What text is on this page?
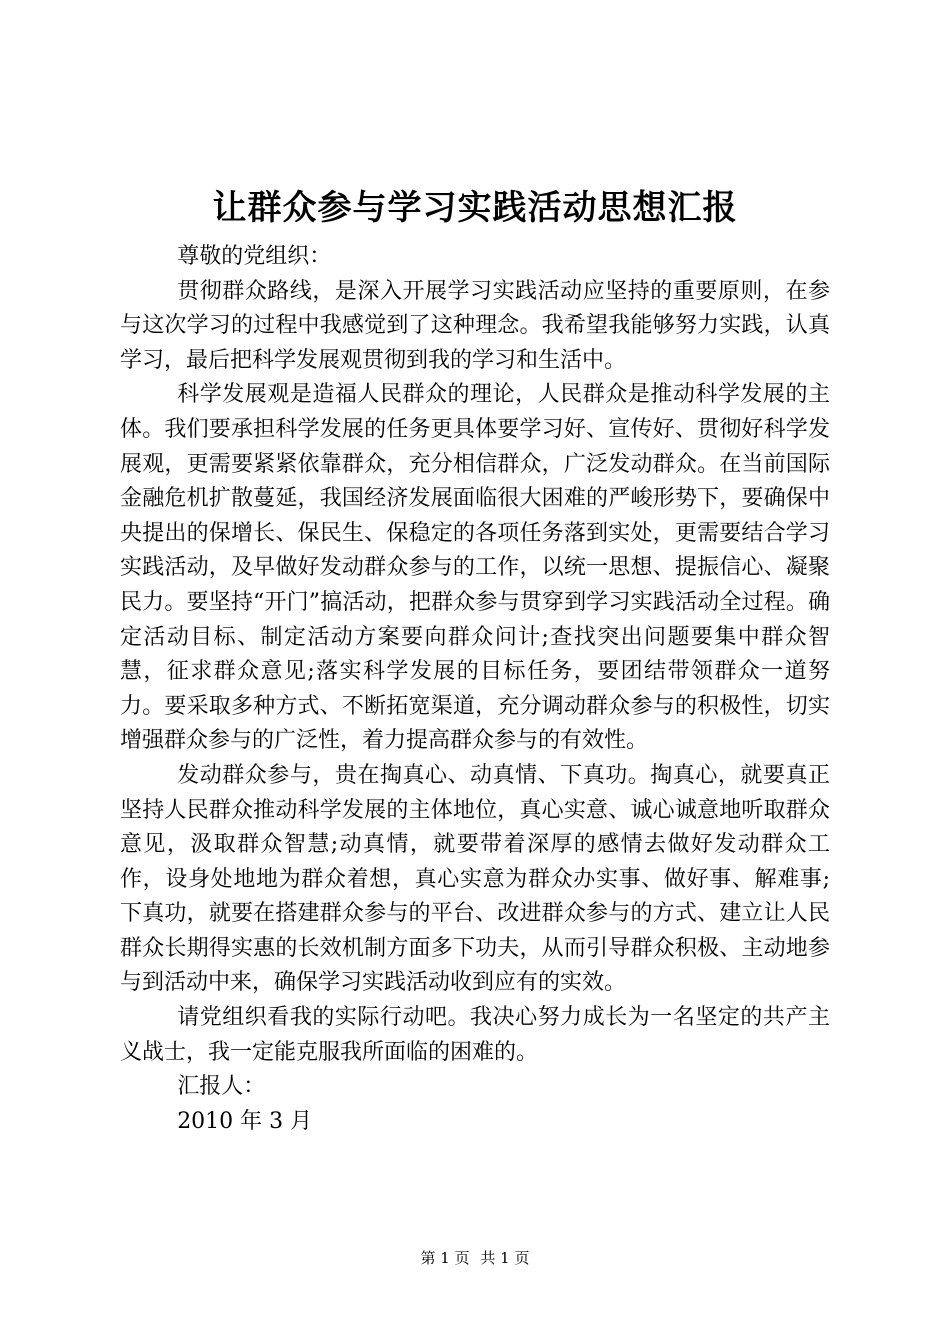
让群众参与学习实践活动思想汇报

尊敬的党组织：

贯彻群众路线，是深入开展学习实践活动应坚持的重要原则，在参与这次学习的过程中我感觉到了这种理念。我希望我能够努力实践，认真学习，最后把科学发展观贯彻到我的学习和生活中。

科学发展观是造福人民群众的理论，人民群众是推动科学发展的主体。我们要承担科学发展的任务更具体要学习好、宣传好、贯彻好科学发展观，更需要紧紧依靠群众，充分相信群众，广泛发动群众。在当前国际金融危机扩散蔓延，我国经济发展面临很大困难的严峻形势下，要确保中央提出的保增长、保民生、保稳定的各项任务落到实处，更需要结合学习实践活动，及早做好发动群众参与的工作，以统一思想、提振信心、凝聚民力。要坚持“开门”搞活动，把群众参与贯穿到学习实践活动全过程。确定活动目标、制定活动方案要向群众问计;查找突出问题要集中群众智慧，征求群众意见;落实科学发展的目标任务，要团结带领群众一道努力。要采取多种方式、不断拓宽渠道，充分调动群众参与的积极性，切实增强群众参与的广泛性，着力提高群众参与的有效性。

发动群众参与，贵在掏真心、动真情、下真功。掏真心，就要真正坚持人民群众推动科学发展的主体地位，真心实意、诚心诚意地听取群众意见，汲取群众智慧;动真情，就要带着深厚的感情去做好发动群众工作，设身处地地为群众着想，真心实意为群众办实事、做好事、解难事;下真功，就要在搭建群众参与的平台、改进群众参与的方式、建立让人民群众长期得实惠的长效机制方面多下功夫，从而引导群众积极、主动地参与到活动中来，确保学习实践活动收到应有的实效。

请党组织看我的实际行动吧。我决心努力成长为一名坚定的共产主义战士，我一定能克服我所面临的困难的。

汇报人：

2010 年 3 月

第 1 页 共 1 页
